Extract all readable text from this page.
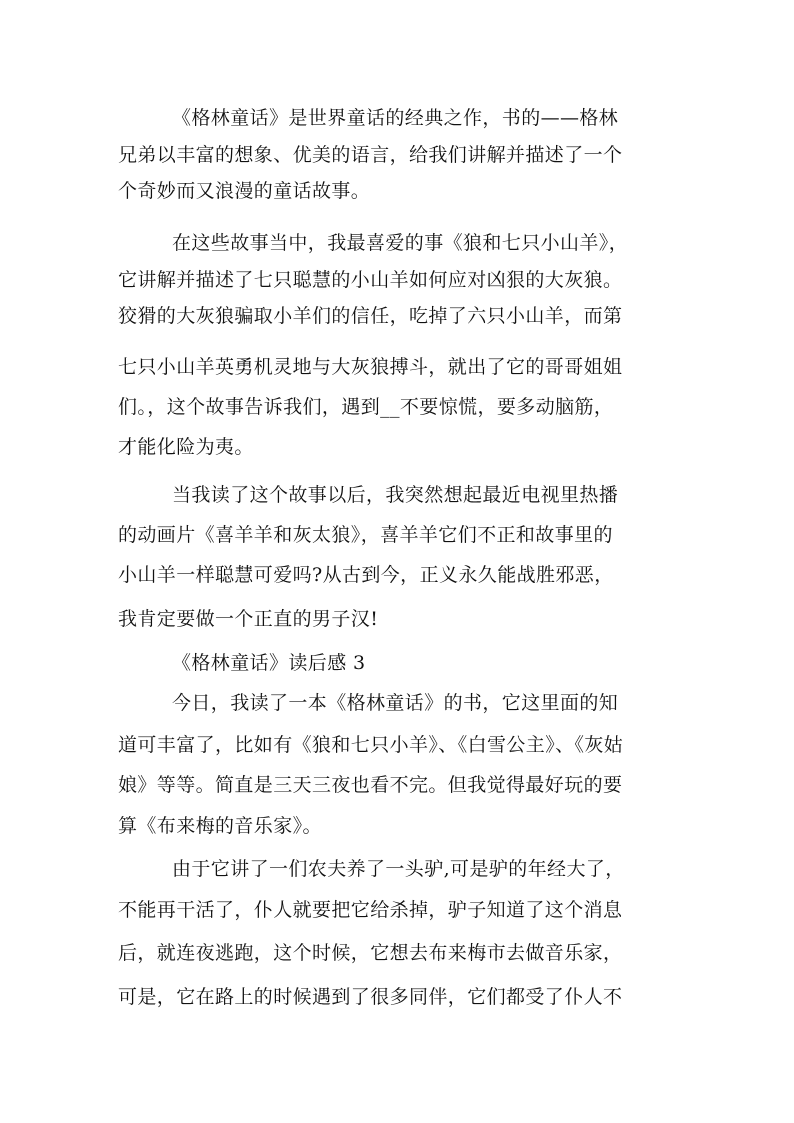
《格林童话》是世界童话的经典之作，书的——格林
兄弟以丰富的想象、优美的语言，给我们讲解并描述了一个
个奇妙而又浪漫的童话故事。
在这些故事当中，我最喜爱的事《狼和七只小山羊》，
它讲解并描述了七只聪慧的小山羊如何应对凶狠的大灰狼。
狡猾的大灰狼骗取小羊们的信任，吃掉了六只小山羊，而第
七只小山羊英勇机灵地与大灰狼搏斗，就出了它的哥哥姐姐
们。，这个故事告诉我们，遇到__不要惊慌，要多动脑筋，
才能化险为夷。
当我读了这个故事以后，我突然想起最近电视里热播
的动画片《喜羊羊和灰太狼》，喜羊羊它们不正和故事里的
小山羊一样聪慧可爱吗?从古到今，正义永久能战胜邪恶，
我肯定要做一个正直的男子汉!
《格林童话》读后感 3
今日，我读了一本《格林童话》的书，它这里面的知
道可丰富了，比如有《狼和七只小羊》、《白雪公主》、《灰姑
娘》等等。简直是三天三夜也看不完。但我觉得最好玩的要
算《布来梅的音乐家》。
由于它讲了一们农夫养了一头驴,可是驴的年经大了，
不能再干活了，仆人就要把它给杀掉，驴子知道了这个消息
后，就连夜逃跑，这个时候，它想去布来梅市去做音乐家，
可是，它在路上的时候遇到了很多同伴，它们都受了仆人不
